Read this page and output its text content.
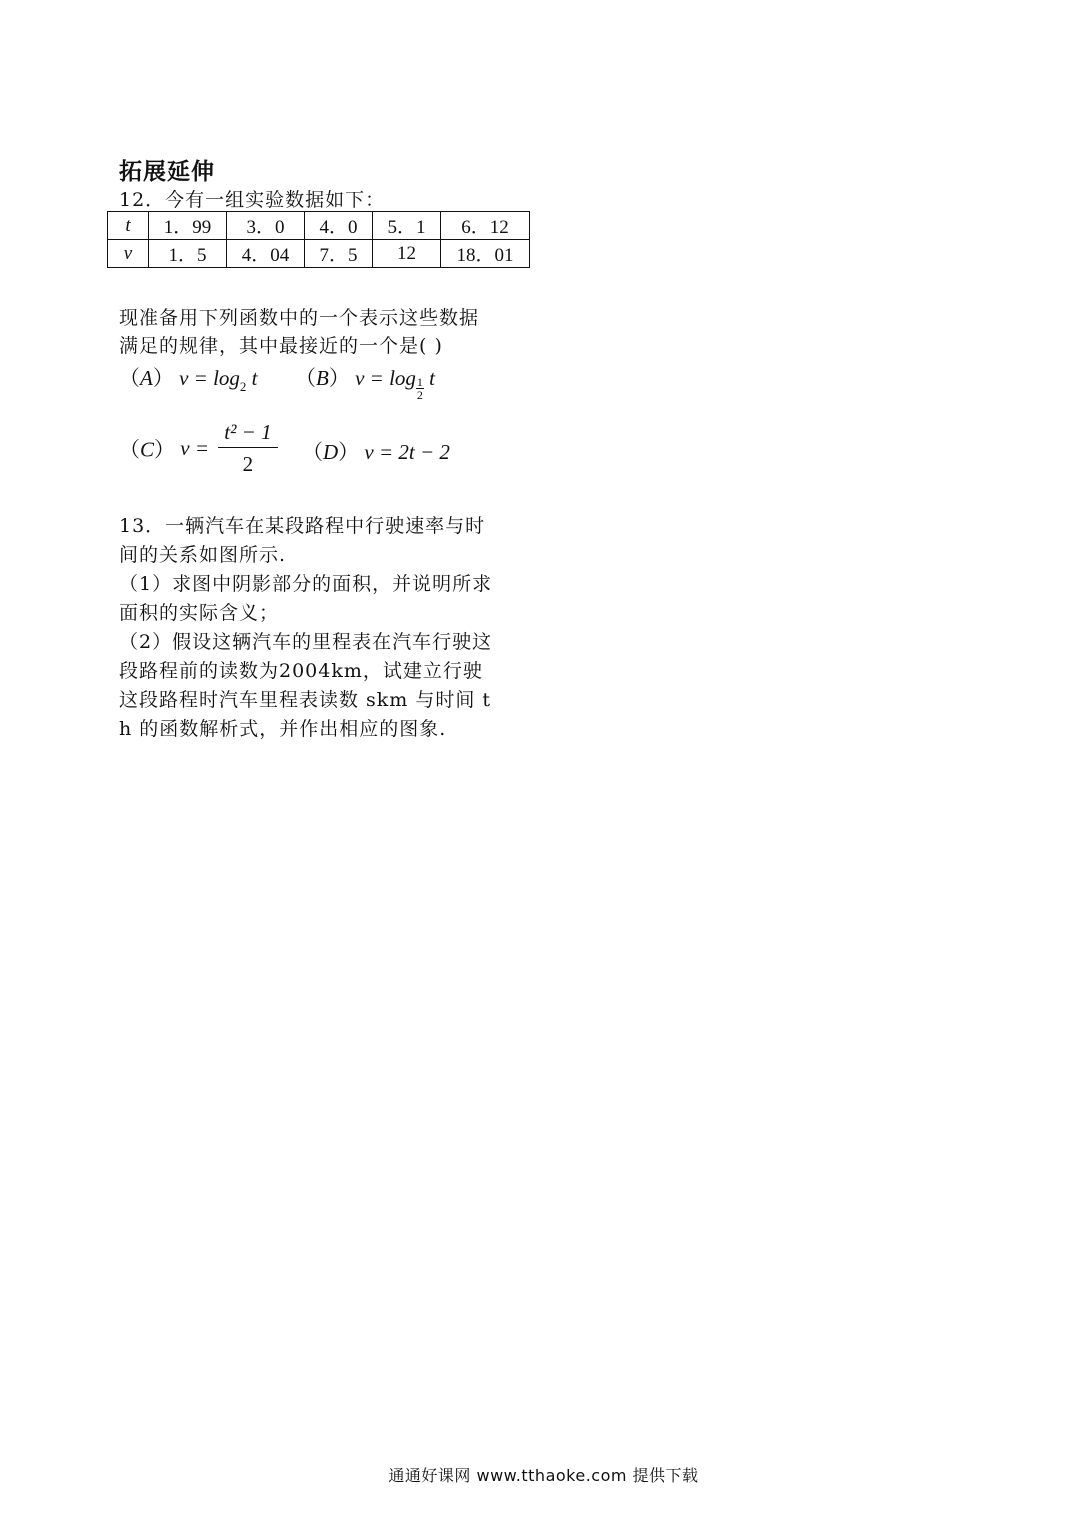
拓展延伸
12．今有一组实验数据如下：
t	1．99	3．0	4．0	5．1	6．12
v	1．5	4．04	7．5	12	18．01
现准备用下列函数中的一个表示这些数据
满足的规律，其中最接近的一个是( )
（A） $v = \log_2 t$ （B） $v = \log \frac{1}{2}$ t
（C） $v = \frac{\text{t² − 1}}{2} (D) v = 2t - 2$
13．一辆汽车在某段路程中行驶速率与时
间的关系如图所示.
（1）求图中阴影部分的面积，并说明所求
面积的实际含义；
（2）假设这辆汽车的里程表在汽车行驶这
段路程前的读数为2004km，试建立行驶
这段路程时汽车里程表读数 skm 与时间 t
h 的函数解析式，并作出相应的图象.
通通好课网 www.tthaoke.com 提供下载
